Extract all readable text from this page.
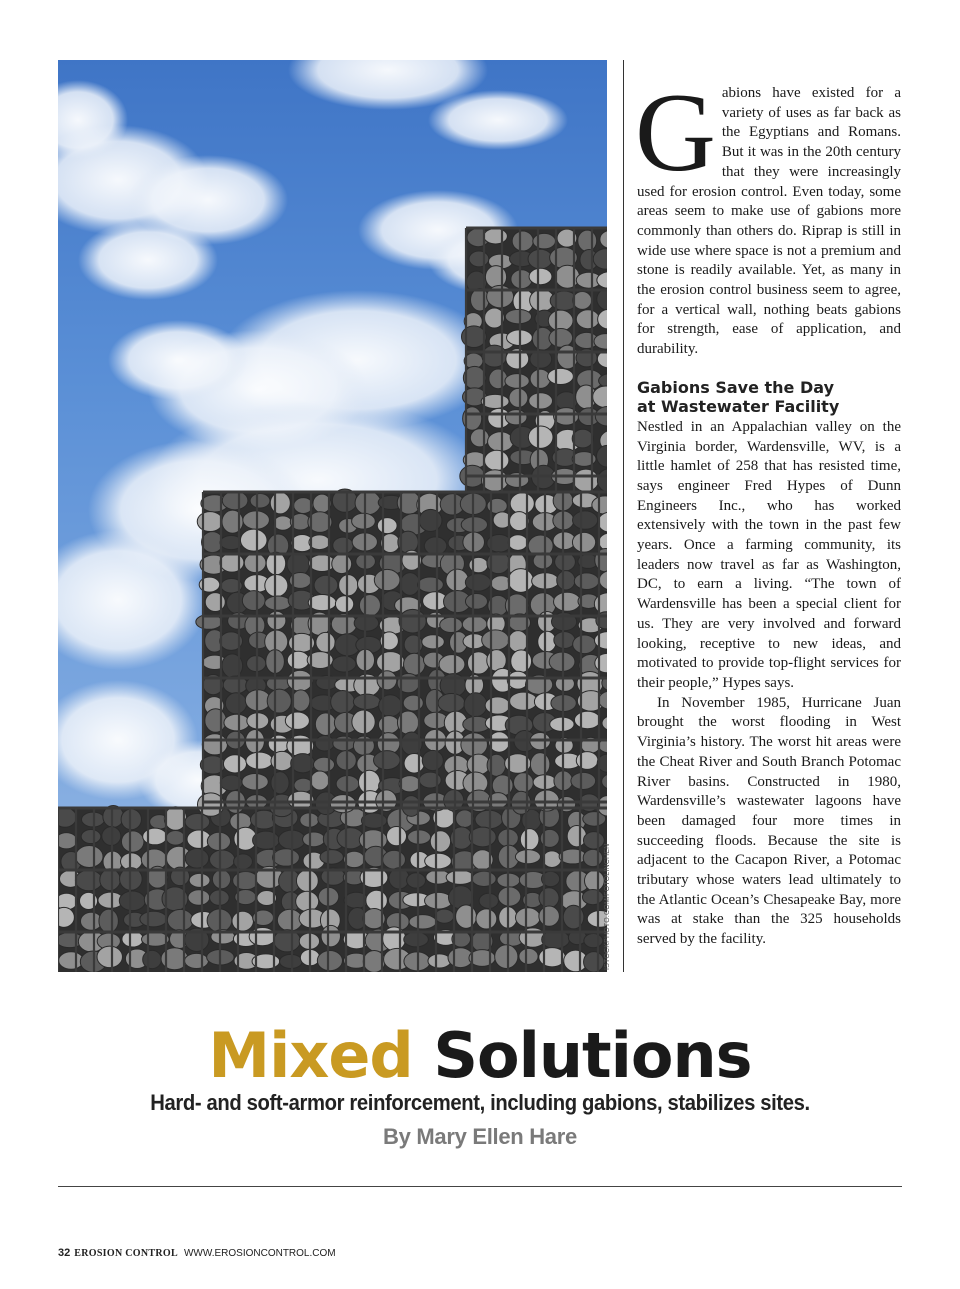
ISTOCKPHOTO.COM/FOTOLINCHEN

Gabions have existed for a variety of uses as far back as the Egyptians and Romans. But it was in the 20th century that they were increasingly used for erosion control. Even today, some areas seem to make use of gabions more commonly than others do. Riprap is still in wide use where space is not a premium and stone is readily available. Yet, as many in the erosion control business seem to agree, for a vertical wall, nothing beats gabions for strength, ease of application, and durability.

Gabions Save the Day
at Wastewater Facility

Nestled in an Appalachian valley on the Virginia border, Wardensville, WV, is a little hamlet of 258 that has resisted time, says engineer Fred Hypes of Dunn Engineers Inc., who has worked extensively with the town in the past few years. Once a farming community, its leaders now travel as far as Washington, DC, to earn a living. “The town of Wardensville has been a special client for us. They are very involved and forward looking, receptive to new ideas, and motivated to provide top-flight services for their people,” Hypes says.

In November 1985, Hurricane Juan brought the worst flooding in West Virginia’s history. The worst hit areas were the Cheat River and South Branch Potomac River basins. Constructed in 1980, Wardensville’s wastewater lagoons have been damaged four more times in succeeding floods. Because the site is adjacent to the Cacapon River, a Potomac tributary whose waters lead ultimately to the Atlantic Ocean’s Chesapeake Bay, more was at stake than the 325 households served by the facility.

Mixed Solutions
Hard- and soft-armor reinforcement, including gabions, stabilizes sites.
By Mary Ellen Hare
32 EROSION CONTROL WWW.EROSIONCONTROL.COM
